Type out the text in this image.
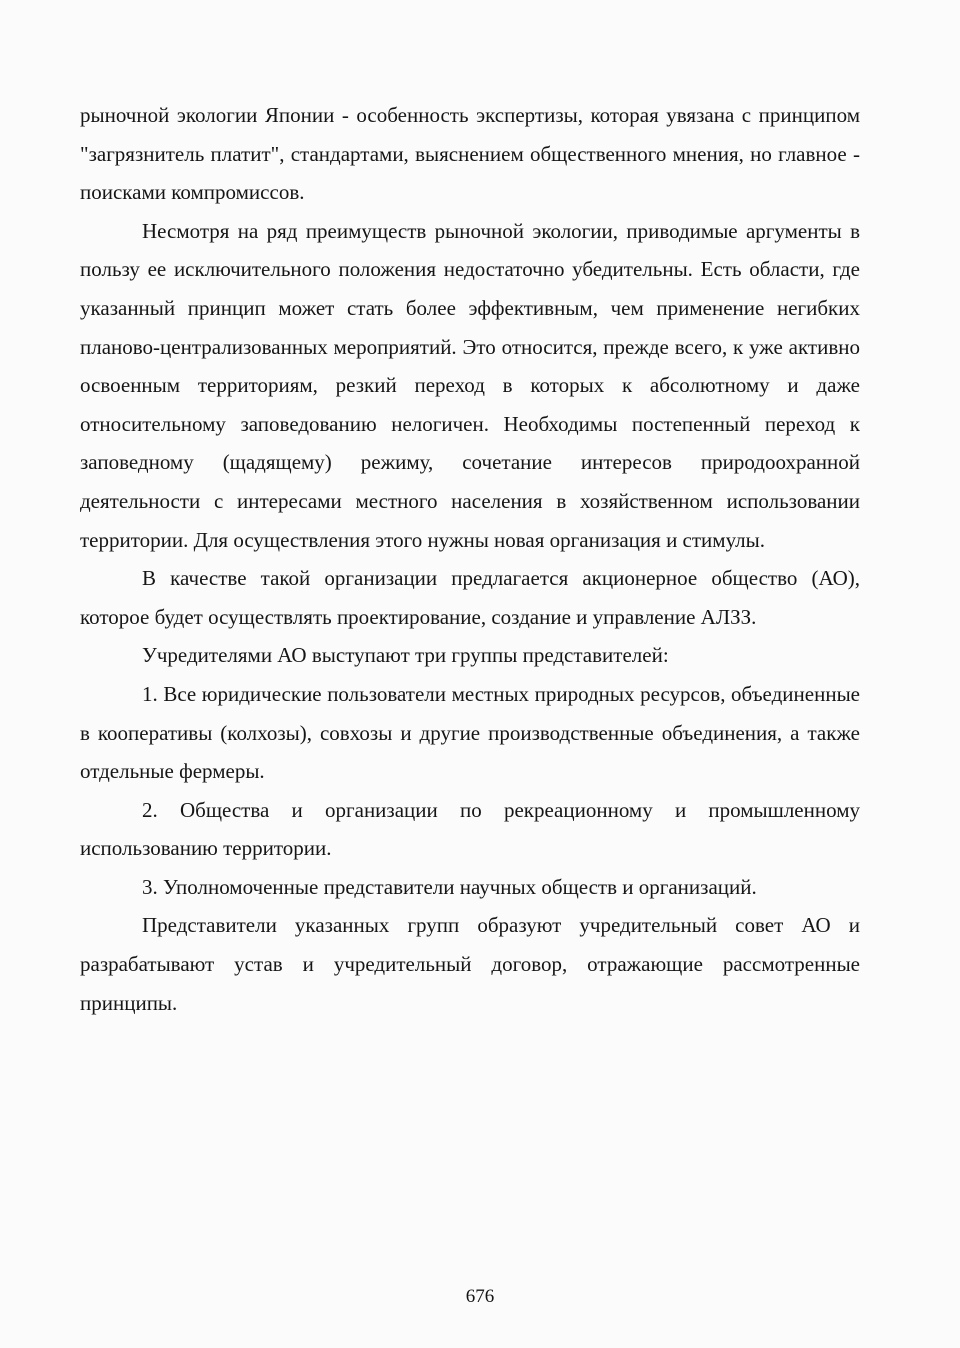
рыночной экологии Японии - особенность экспертизы, которая увязана с принципом "загрязнитель платит", стандартами, выяснением общественного мнения, но главное - поисками компромиссов.

Несмотря на ряд преимуществ рыночной экологии, приводимые аргументы в пользу ее исключительного положения недостаточно убедительны. Есть области, где указанный принцип может стать более эффективным, чем применение негибких планово-централизованных мероприятий. Это относится, прежде всего, к уже активно освоенным территориям, резкий переход в которых к абсолютному и даже относительному заповедованию нелогичен. Необходимы постепенный переход к заповедному (щадящему) режиму, сочетание интересов природоохранной деятельности с интересами местного населения в хозяйственном использовании территории. Для осуществления этого нужны новая организация и стимулы.

В качестве такой организации предлагается акционерное общество (АО), которое будет осуществлять проектирование, создание и управление АЛЗЗ.

Учредителями АО выступают три группы представителей:

1. Все юридические пользователи местных природных ресурсов, объединенные в кооперативы (колхозы), совхозы и другие производственные объединения, а также отдельные фермеры.

2. Общества и организации по рекреационному и промышленному использованию территории.

3. Уполномоченные представители научных обществ и организаций.

Представители указанных групп образуют учредительный совет АО и разрабатывают устав и учредительный договор, отражающие рассмотренные принципы.

676
